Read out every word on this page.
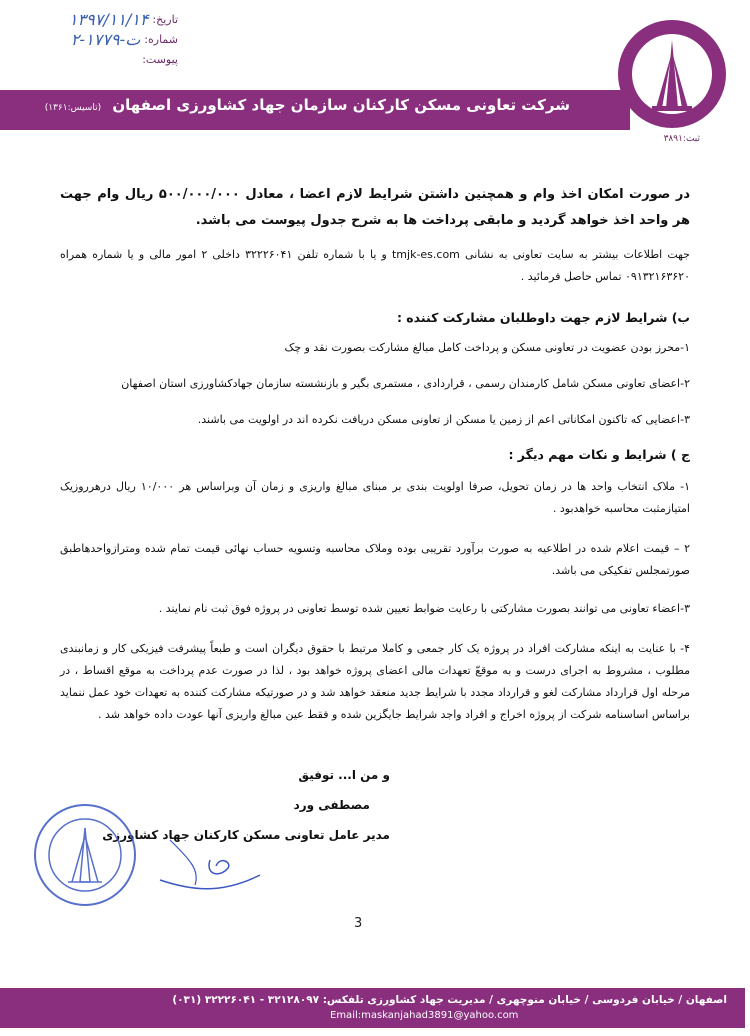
تاریخ:
۱۳۹۷/۱۱/۱۴
شماره:
۲-ت-۱۷۷۹
پیوست:
شرکت تعاونی مسکن کارکنان سازمان جهاد کشاورزی اصفهان (تاسیس:۱۳۶۱)
ثبت:۳۸۹۱

در صورت امکان اخذ وام و همچنین داشتن شرایط لازم اعضا ، معادل ۵۰۰/۰۰۰/۰۰۰ ریال وام جهت هر واحد اخذ خواهد گردید و مابقی پرداخت ها به شرح جدول پیوست می باشد.

جهت اطلاعات بیشتر به سایت تعاونی به نشانی tmjk-es.com و یا با شماره تلفن ۳۲۲۲۶۰۴۱ داخلی ۲ امور مالی و یا شماره همراه ۰۹۱۳۲۱۶۳۶۲۰ تماس حاصل فرمائید .

ب) شرایط لازم جهت داوطلبان مشارکت کننده :

۱-محرز بودن عضویت در تعاونی مسکن و پرداخت کامل مبالغ مشارکت بصورت نقد و چک

۲-اعضای تعاونی مسکن شامل کارمندان رسمی ، قراردادی ، مستمری بگیر و بازنشسته سازمان جهادکشاورزی استان اصفهان

۳-اعضایی که تاکنون امکاناتی اعم از زمین یا مسکن از تعاونی مسکن دریافت نکرده اند در اولویت می باشند.

ج ) شرایط و نکات مهم دیگر :

۱- ملاک انتخاب واحد ها در زمان تحویل، صرفا اولویت بندی بر مبنای مبالغ واریزی و زمان آن وبراساس هر ۱۰/۰۰۰ ریال درهرروزیک امتیازمثبت محاسبه خواهدبود .

۲ – قیمت اعلام شده در اطلاعیه به صورت برآورد تقریبی بوده وملاک محاسبه وتسویه حساب نهائی قیمت تمام شده ومترازواحدهاطبق صورتمجلس تفکیکی می باشد.

۳-اعضاء تعاونی می توانند بصورت مشارکتی با رعایت ضوابط تعیین شده توسط تعاونی در پروژه فوق ثبت نام نمایند .

۴- با عنایت به اینکه مشارکت افراد در پروژه یک کار جمعی و کاملا مرتبط با حقوق دیگران است و طبعاً پیشرفت فیزیکی کار و زمانبندی مطلوب ، مشروط به اجرای درست و به موقعّ تعهدات مالی اعضای پروژه خواهد بود ، لذا در صورت عدم پرداخت به موقع اقساط ، در مرحله اول قرارداد مشارکت لغو و قرارداد مجدد با شرایط جدید منعقد خواهد شد و در صورتیکه مشارکت کننده به تعهدات خود عمل ننماید براساس اساسنامه شرکت از پروژه اخراج و افراد واجد شرایط جایگزین شده و فقط عین مبالغ واریزی آنها عودت داده خواهد شد .

و من ا... توفیق
مصطفی ورد
مدیر عامل تعاونی مسکن کارکنان جهاد کشاورزی
3
اصفهان / خیابان فردوسی / خیابان منوچهری / مدیریت جهاد کشاورزی تلفکس: ۳۲۱۲۸۰۹۷ - ۳۲۲۲۶۰۴۱ (۰۳۱)
Email:maskanjahad3891@yahoo.com
